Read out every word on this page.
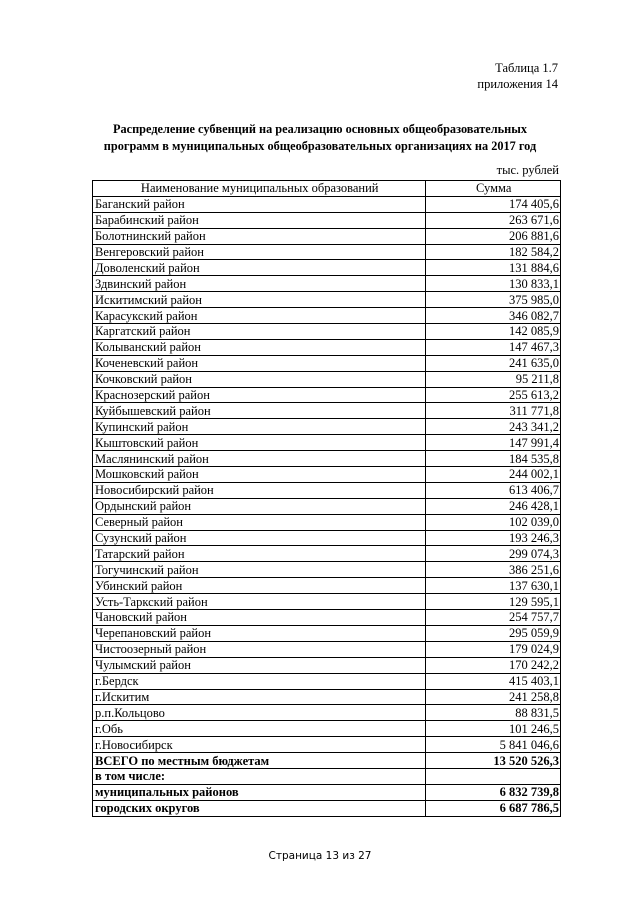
Таблица 1.7
приложения 14
Распределение субвенций на реализацию основных общеобразовательных
программ в муниципальных общеобразовательных организациях на 2017 год
тыс. рублей
Наименование муниципальных образований	Сумма
Баганский район	174 405,6
Барабинский район	263 671,6
Болотнинский район	206 881,6
Венгеровский район	182 584,2
Доволенский район	131 884,6
Здвинский район	130 833,1
Искитимский район	375 985,0
Карасукский район	346 082,7
Каргатский район	142 085,9
Колыванский район	147 467,3
Коченевский район	241 635,0
Кочковский район	95 211,8
Краснозерский район	255 613,2
Куйбышевский район	311 771,8
Купинский район	243 341,2
Кыштовский район	147 991,4
Маслянинский район	184 535,8
Мошковский район	244 002,1
Новосибирский район	613 406,7
Ордынский район	246 428,1
Северный район	102 039,0
Сузунский район	193 246,3
Татарский район	299 074,3
Тогучинский район	386 251,6
Убинский район	137 630,1
Усть-Таркский район	129 595,1
Чановский район	254 757,7
Черепановский район	295 059,9
Чистоозерный район	179 024,9
Чулымский район	170 242,2
г.Бердск	415 403,1
г.Искитим	241 258,8
р.п.Кольцово	88 831,5
г.Обь	101 246,5
г.Новосибирск	5 841 046,6
ВСЕГО по местным бюджетам	13 520 526,3
в том числе:	
муниципальных районов	6 832 739,8
городских округов	6 687 786,5
Страница 13 из 27
